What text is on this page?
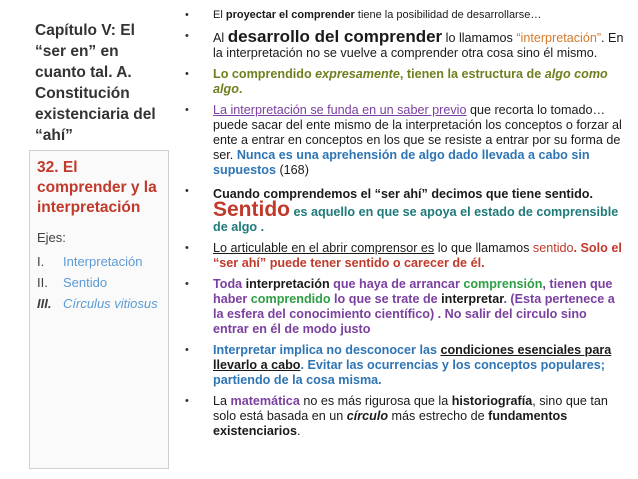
Capítulo V: El “ser en” en cuanto tal. A. Constitución existenciaria del “ahí”
32. El comprender y la interpretación
Ejes:
I.	Interpretación
II.	Sentido
III. Círculus vitiosus
•	El proyectar el comprender tiene la posibilidad de desarrollarse…
•	Al desarrollo del comprender lo llamamos “interpretación”. En la interpretación no se vuelve a comprender otra cosa sino él mismo.
•	Lo comprendido expresamente, tienen la estructura de algo como algo.
•	La interpretación se funda en un saber previo que recorta lo tomado… puede sacar del ente mismo de la interpretación los conceptos o forzar al ente a entrar en conceptos en los que se resiste a entrar por su forma de ser. Nunca es una aprehensión de algo dado llevada a cabo sin supuestos (168)
•	Cuando comprendemos el “ser ahí” decimos que tiene sentido. Sentido es aquello en que se apoya el estado de comprensible de algo .
•	Lo articulable en el abrir comprensor es lo que llamamos sentido. Solo el “ser ahí” puede tener sentido o carecer de él.
•	Toda interpretación que haya de arrancar comprensión, tienen que haber comprendido lo que se trate de interpretar. (Esta pertenece a la esfera del conocimiento científico) . No salir del circulo sino entrar en él de modo justo
•	Interpretar implica no desconocer las condiciones esenciales para llevarlo a cabo. Evitar las ocurrencias y los conceptos populares; partiendo de la cosa misma.
•	La matemática no es más rigurosa que la historiografía, sino que tan solo está basada en un círculo más estrecho de fundamentos existenciarios.
